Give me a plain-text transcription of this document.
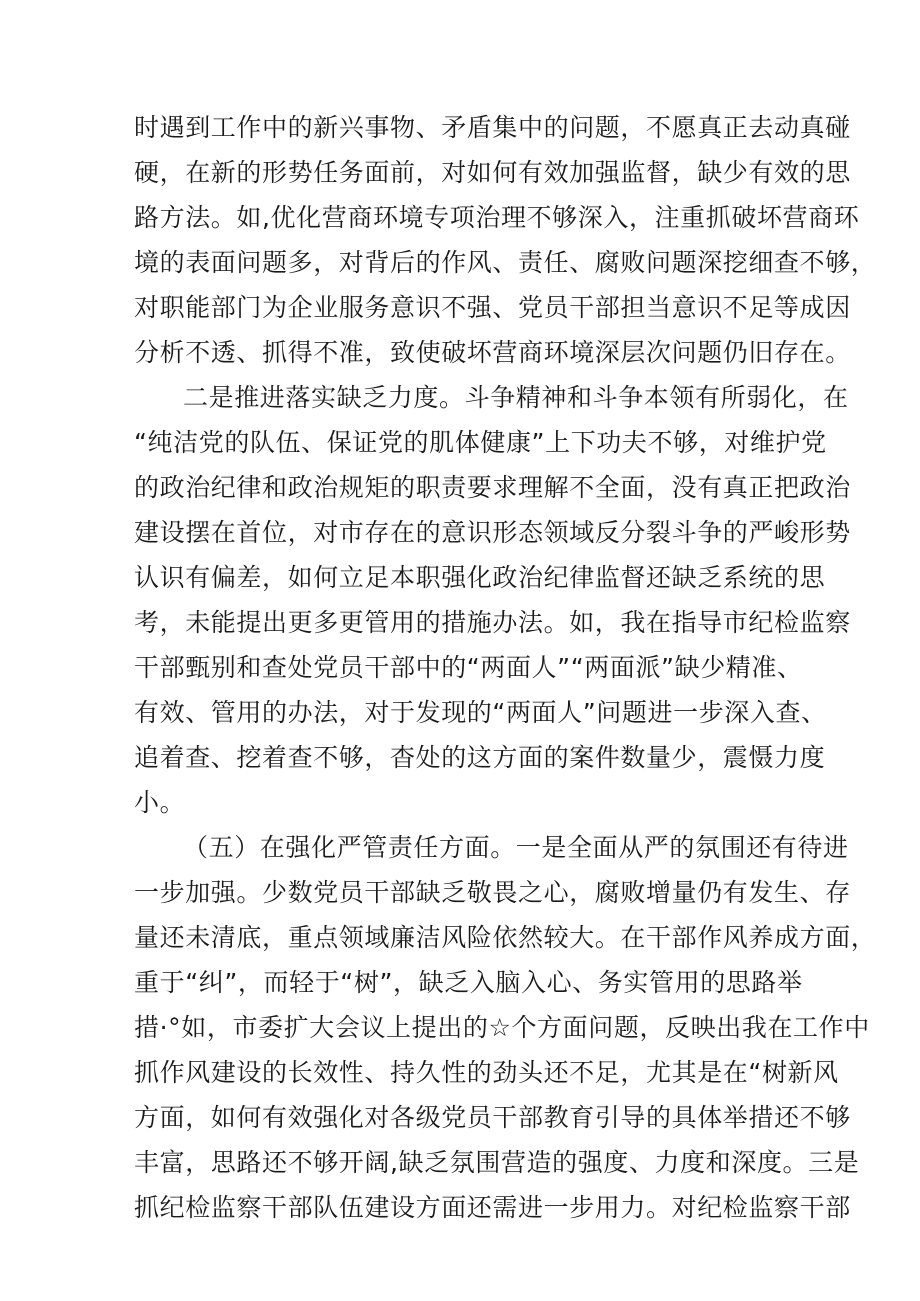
时遇到工作中的新兴事物、矛盾集中的问题，不愿真正去动真碰

硬，在新的形势任务面前，对如何有效加强监督，缺少有效的思

路方法。如,优化营商环境专项治理不够深入，注重抓破坏营商环

境的表面问题多，对背后的作风、责任、腐败问题深挖细查不够，

对职能部门为企业服务意识不强、党员干部担当意识不足等成因

分析不透、抓得不准，致使破坏营商环境深层次问题仍旧存在。

二是推进落实缺乏力度。斗争精神和斗争本领有所弱化，在

“纯洁党的队伍、保证党的肌体健康”上下功夫不够，对维护党

的政治纪律和政治规矩的职责要求理解不全面，没有真正把政治

建设摆在首位，对市存在的意识形态领域反分裂斗争的严峻形势

认识有偏差，如何立足本职强化政治纪律监督还缺乏系统的思

考，未能提出更多更管用的措施办法。如，我在指导市纪检监察

干部甄别和查处党员干部中的“两面人”“两面派”缺少精准、

有效、管用的办法，对于发现的“两面人”问题进一步深入查、

追着查、挖着查不够，杳处的这方面的案件数量少，震慑力度

小。

（五）在强化严管责任方面。一是全面从严的氛围还有待进

一步加强。少数党员干部缺乏敬畏之心，腐败增量仍有发生、存

量还未清底，重点领域廉洁风险依然较大。在干部作风养成方面，

重于“纠”，而轻于“树”，缺乏入脑入心、务实管用的思路举

措·°如，市委扩大会议上提出的☆个方面问题，反映出我在工作中

抓作风建设的长效性、持久性的劲头还不足，尤其是在“树新风

方面，如何有效强化对各级党员干部教育引导的具体举措还不够

丰富，思路还不够开阔,缺乏氛围营造的强度、力度和深度。三是

抓纪检监察干部队伍建设方面还需进一步用力。对纪检监察干部
